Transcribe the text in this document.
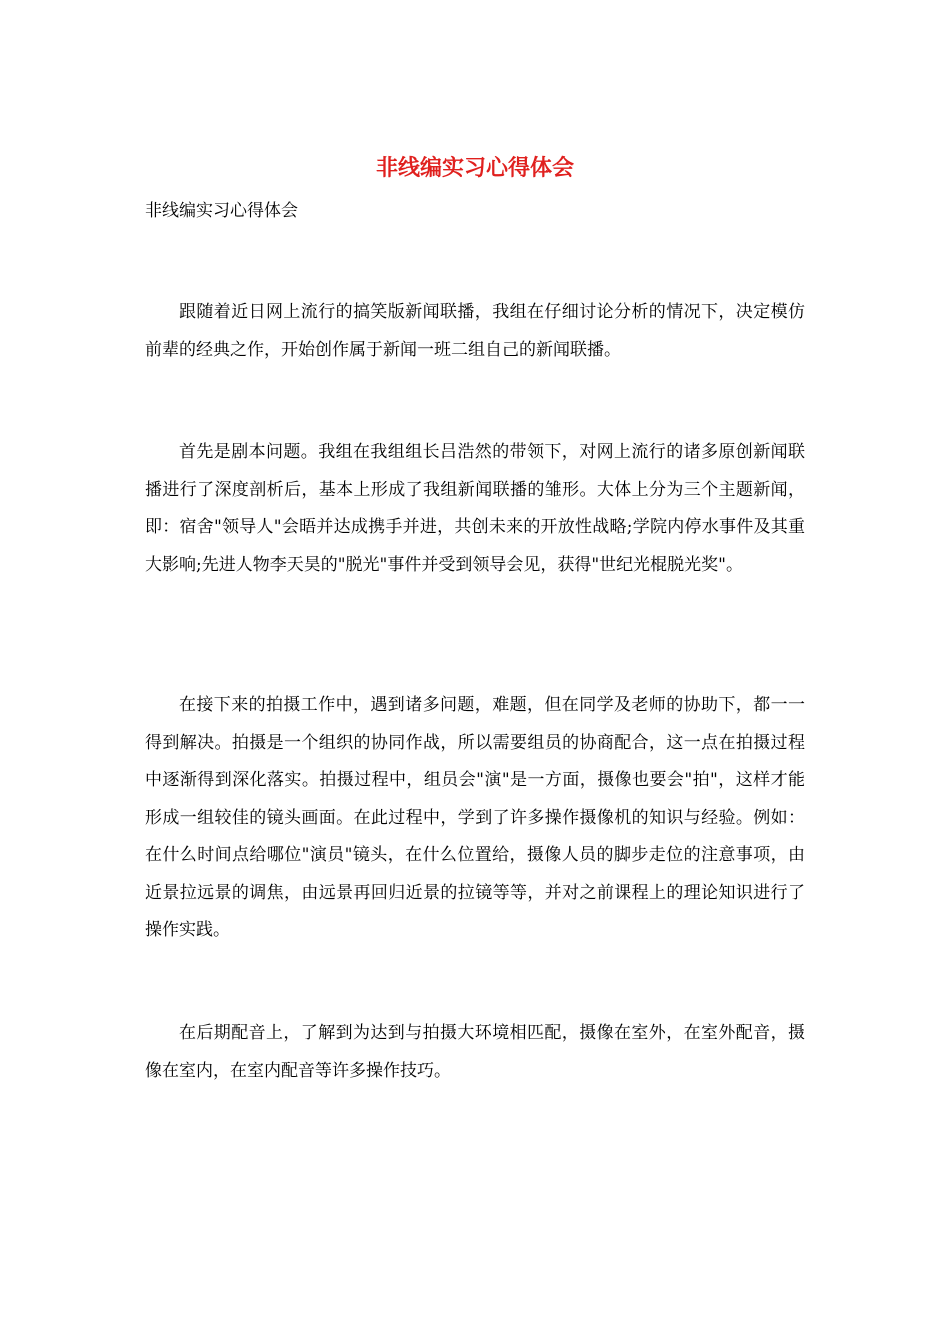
非线编实习心得体会
非线编实习心得体会

跟随着近日网上流行的搞笑版新闻联播，我组在仔细讨论分析的情况下，决定模仿前辈的经典之作，开始创作属于新闻一班二组自己的新闻联播。

首先是剧本问题。我组在我组组长吕浩然的带领下，对网上流行的诸多原创新闻联播进行了深度剖析后，基本上形成了我组新闻联播的雏形。大体上分为三个主题新闻，即：宿舍"领导人"会晤并达成携手并进，共创未来的开放性战略;学院内停水事件及其重大影响;先进人物李天昊的"脱光"事件并受到领导会见，获得"世纪光棍脱光奖"。

在接下来的拍摄工作中，遇到诸多问题，难题，但在同学及老师的协助下，都一一得到解决。拍摄是一个组织的协同作战，所以需要组员的协商配合，这一点在拍摄过程中逐渐得到深化落实。拍摄过程中，组员会"演"是一方面，摄像也要会"拍"，这样才能形成一组较佳的镜头画面。在此过程中，学到了许多操作摄像机的知识与经验。例如：在什么时间点给哪位"演员"镜头，在什么位置给，摄像人员的脚步走位的注意事项，由近景拉远景的调焦，由远景再回归近景的拉镜等等，并对之前课程上的理论知识进行了操作实践。

在后期配音上，了解到为达到与拍摄大环境相匹配，摄像在室外，在室外配音，摄像在室内，在室内配音等许多操作技巧。
